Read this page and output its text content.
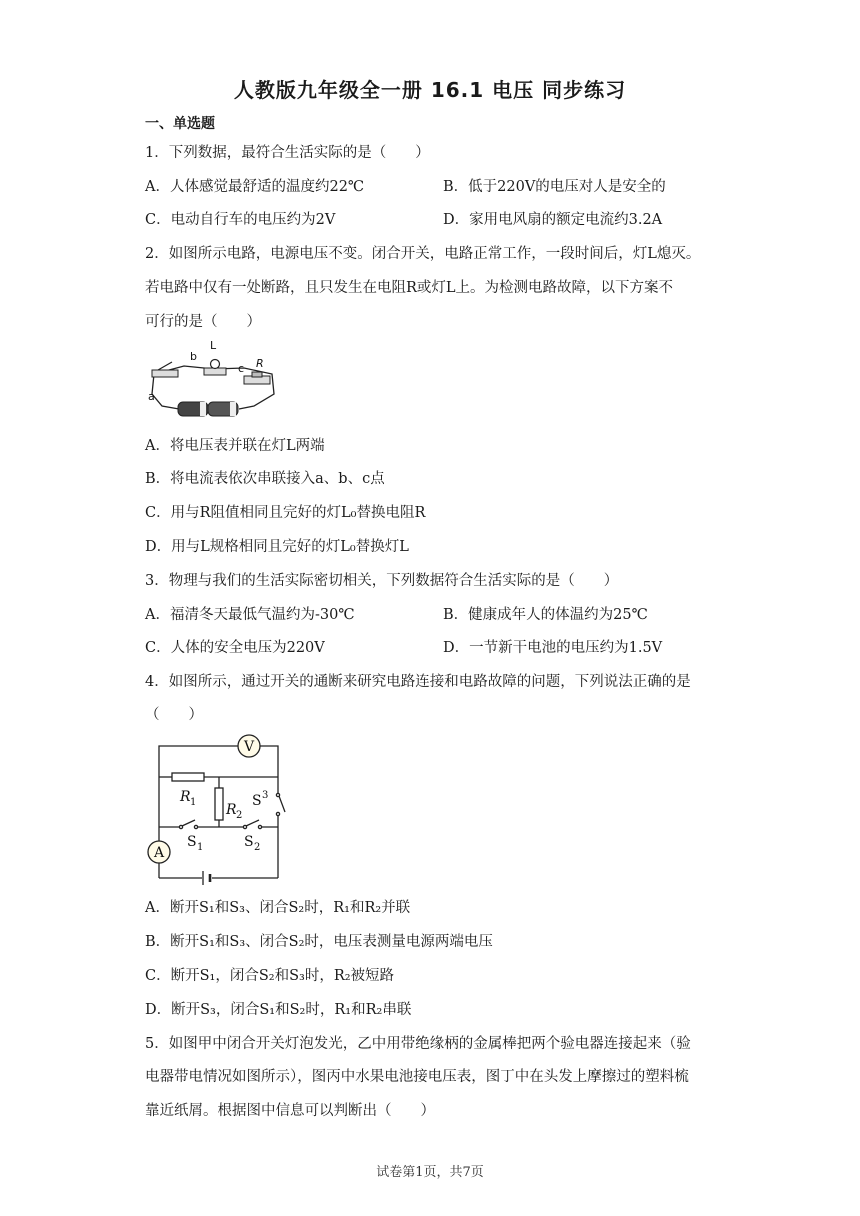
人教版九年级全一册 16.1 电压 同步练习
一、单选题
1．下列数据，最符合生活实际的是（　　）
A．人体感觉最舒适的温度约22℃	B．低于220V的电压对人是安全的
C．电动自行车的电压约为2V	D．家用电风扇的额定电流约3.2A
2．如图所示电路，电源电压不变。闭合开关，电路正常工作，一段时间后，灯L熄灭。
若电路中仅有一处断路，且只发生在电阻R或灯L上。为检测电路故障，以下方案不
可行的是（　　）
b
L
c R
a
A．将电压表并联在灯L两端
B．将电流表依次串联接入a、b、c点
C．用与R阻值相同且完好的灯L₀替换电阻R
D．用与L规格相同且完好的灯L₀替换灯L
3．物理与我们的生活实际密切相关，下列数据符合生活实际的是（　　）
A．福清冬天最低气温约为-30℃	B．健康成年人的体温约为25℃
C．人体的安全电压为220V	D．一节新干电池的电压约为1.5V
4．如图所示，通过开关的通断来研究电路连接和电路故障的问题，下列说法正确的是
（　　）
V
A
R 1 R 2
S 3
S 1	S 2
A．断开S₁和S₃、闭合S₂时，R₁和R₂并联
B．断开S₁和S₃、闭合S₂时，电压表测量电源两端电压
C．断开S₁，闭合S₂和S₃时，R₂被短路
D．断开S₃，闭合S₁和S₂时，R₁和R₂串联
5．如图甲中闭合开关灯泡发光，乙中用带绝缘柄的金属棒把两个验电器连接起来（验
电器带电情况如图所示），图丙中水果电池接电压表，图丁中在头发上摩擦过的塑料梳
靠近纸屑。根据图中信息可以判断出（　　）
试卷第1页，共7页
